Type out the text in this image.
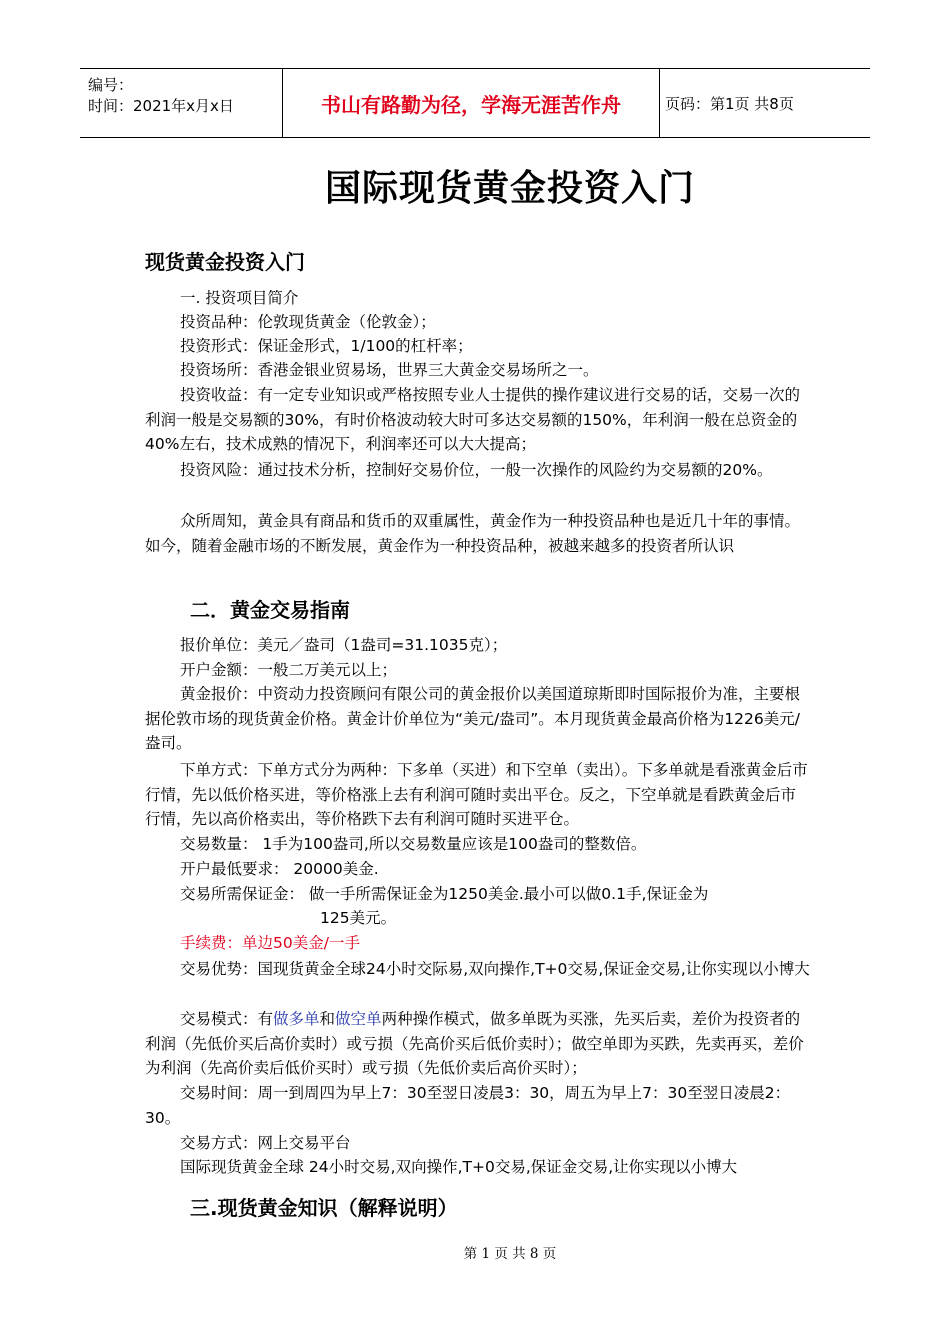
编号：
时间：2021年x月x日	书山有路勤为径，学海无涯苦作舟	页码：第1页 共8页
国际现货黄金投资入门
现货黄金投资入门
一. 投资项目简介
投资品种：伦敦现货黄金（伦敦金）；
投资形式：保证金形式，1/100的杠杆率；
投资场所：香港金银业贸易场，世界三大黄金交易场所之一。
投资收益：有一定专业知识或严格按照专业人士提供的操作建议进行交易的话，交易一次的利润一般是交易额的30%，有时价格波动较大时可多达交易额的150%，年利润一般在总资金的40%左右，技术成熟的情况下，利润率还可以大大提高；
投资风险：通过技术分析，控制好交易价位，一般一次操作的风险约为交易额的20%。
众所周知，黄金具有商品和货币的双重属性，黄金作为一种投资品种也是近几十年的事情。如今，随着金融市场的不断发展，黄金作为一种投资品种，被越来越多的投资者所认识
二．黄金交易指南
报价单位：美元／盎司（1盎司=31.1035克）；
开户金额：一般二万美元以上；
黄金报价：中资动力投资顾问有限公司的黄金报价以美国道琼斯即时国际报价为准，主要根据伦敦市场的现货黄金价格。黄金计价单位为“美元/盎司”。本月现货黄金最高价格为1226美元/盎司。
下单方式：下单方式分为两种：下多单（买进）和下空单（卖出）。下多单就是看涨黄金后市行情，先以低价格买进，等价格涨上去有利润可随时卖出平仓。反之，下空单就是看跌黄金后市行情，先以高价格卖出，等价格跌下去有利润可随时买进平仓。
交易数量： 1手为100盎司,所以交易数量应该是100盎司的整数倍。
开户最低要求： 20000美金.
交易所需保证金： 做一手所需保证金为1250美金.最小可以做0.1手,保证金为
125美元。
手续费：单边50美金/一手
交易优势：国现货黄金全球24小时交际易,双向操作,T+0交易,保证金交易,让你实现以小博大
交易模式：有做多单和做空单两种操作模式，做多单既为买涨，先买后卖，差价为投资者的利润（先低价买后高价卖时）或亏损（先高价买后低价卖时）；做空单即为买跌，先卖再买，差价为利润（先高价卖后低价买时）或亏损（先低价卖后高价买时）；
交易时间：周一到周四为早上7：30至翌日凌晨3：30，周五为早上7：30至翌日凌晨2：30。
交易方式：网上交易平台
国际现货黄金全球 24小时交易,双向操作,T+0交易,保证金交易,让你实现以小博大
三.现货黄金知识（解释说明）
第 1 页 共 8 页
